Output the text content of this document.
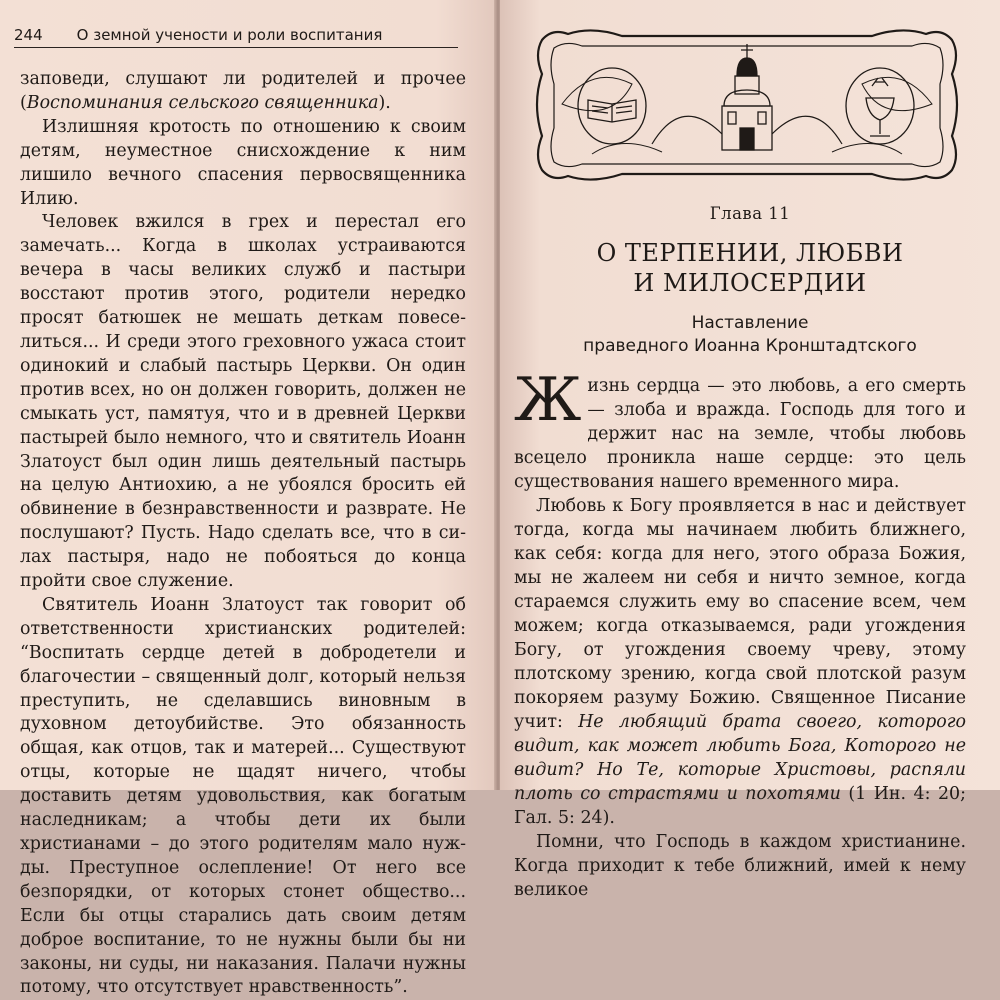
244 О земной учености и роли воспитания

заповеди, слушают ли родителей и прочее (Воспоминания сельского священника).

Излишняя кротость по отношению к своим детям, неуместное снисхождение к ним лишило вечного спасения первосвященника Илию.

Человек вжился в грех и перестал его замечать... Когда в школах устраиваются вечера в часы великих служб и пастыри восстают против этого, родители нередко просят батюшек не мешать деткам повеселиться... И среди этого греховного ужаса стоит одинокий и слабый пастырь Церкви. Он один против всех, но он должен говорить, должен не смыкать уст, памятуя, что и в древней Церкви пастырей было немного, что и святитель Иоанн Златоуст был один лишь деятельный пастырь на целую Антиохию, а не убоялся бросить ей обвинение в безнравственности и разврате. Не послушают? Пусть. Надо сделать все, что в силах пастыря, надо не побояться до конца пройти свое служение.

Святитель Иоанн Златоуст так говорит об ответственности христианских родителей: “Воспитать сердце детей в добродетели и благочестии – священный долг, который нельзя преступить, не сделавшись виновным в духовном детоубийстве. Это обязанность общая, как отцов, так и матерей... Существуют отцы, которые не щадят ничего, чтобы доставить детям удовольствия, как богатым наследникам; а чтобы дети их были христианами – до этого родителям мало нужды. Преступное ослепление! От него все безпорядки, от которых стонет общество... Если бы отцы старались дать своим детям доброе воспитание, то не нужны были бы ни законы, ни суды, ни наказания. Палачи нужны потому, что отсутствует нравственность”.

Глава 11
О ТЕРПЕНИИ, ЛЮБВИ
И МИЛОСЕРДИИ
Наставление
праведного Иоанна Кронштадтского

Жизнь сердца — это любовь, а его смерть — злоба и вражда. Господь для того и держит нас на земле, чтобы любовь всецело проникла наше сердце: это цель существования нашего временного мира.

Любовь к Богу проявляется в нас и действует тогда, когда мы начинаем любить ближнего, как себя: когда для него, этого образа Божия, мы не жалеем ни себя и ничто земное, когда стараемся служить ему во спасение всем, чем можем; когда отказываемся, ради угождения Богу, от угождения своему чреву, этому плотскому зрению, когда свой плотской разум покоряем разуму Божию. Священное Писание учит: Не любящий брата своего, которого видит, как может любить Бога, Которого не видит? Но Те, которые Христовы, распяли плоть со страстями и похотями (1 Ин. 4: 20; Гал. 5: 24).

Помни, что Господь в каждом христианине. Когда приходит к тебе ближний, имей к нему великое
